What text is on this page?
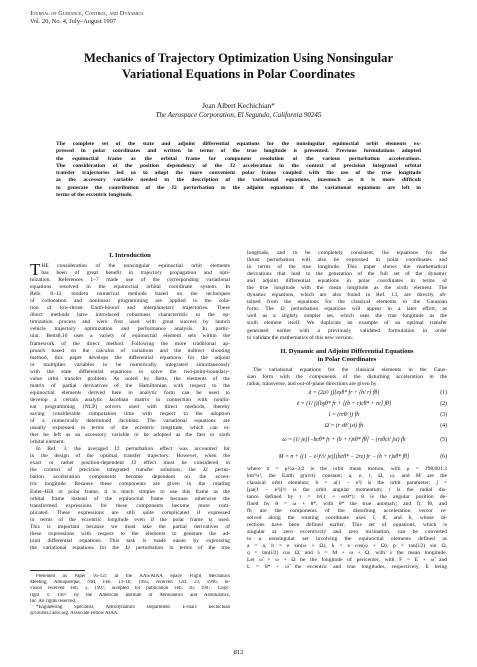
Journal of Guidance, Control, and Dynamics
Vol. 20, No. 4, July–August 1997
Mechanics of Trajectory Optimization Using Nonsingular
Variational Equations in Polar Coordinates
Jean Albert Kechichian*
The Aerospace Corporation, El Segundo, California 90245
The complete set of the state and adjoint differential equations for the nonsingular equinoctial orbit elements ex-
pressed in polar coordinates and written in terms of the true longitude is presented. Previous formulations adopted
the equinoctial frame as the orbital frame for component resolution of the various perturbation accelerations.
The consideration of the position dependency of the J2 acceleration in the context of precision integrated orbital
transfer trajectories led us to adopt the more convenient polar frame coupled with the use of the true longitude
as the accessory variable needed in the description of the variational equations, inasmuch as it is more difficult
to generate the contribution of the J2 perturbation to the adjoint equations if the variational equations are left in
terms of the eccentric longitude.
I. Introduction
T HE consideration of the nonsingular equinoctial orbit elements
has been of great benefit in trajectory propagation and opti-
mization. References 1–7 made use of the corresponding variational
equations resolved in the equinoctial orbital coordinate system. In
Refs. 8–12, modern numerical methods based on the techniques
of collocation and nonlinear programming are applied to the solu-
tion of low-thrust Earth-bound and interplanetary trajectories. These
direct methods have introduced robustness characteristic to the op-
timization process and were first used with great success by launch
vehicle trajectory optimization and performance analysis. In partic-
ular, Betts8,10 uses a variety of equinoctial element sets within the
framework of the direct method. Following the more traditional ap-
proach based on the calculus of variations and the indirect shooting
method, this paper develops the differential equations for the adjoint
or multiplier variables to be numerically integrated simultaneously
with the state differential equations to solve the two-point-boundary-
value orbit transfer problem. As noted by Betts, the elements of the
matrix of partial derivatives of the Hamiltonian with respect to the
equinoctial elements derived here in analytic form can be used to
develop a certain analytic Jacobian matrix in connection with nonlin-
ear programming (NLP) solvers used with direct methods, thereby
saving considerable computation time with respect to the adoption
of a numerically determined Jacobian. The variational equations are
usually expressed in terms of the eccentric longitude, which can ei-
ther be left as an accessory variable or be adopted as the fast or sixth
orbital element.
In Ref. 3, the averaged J2 perturbation effect was accounted for
in the design of the optimal transfer trajectory. However, when the
exact or rather position-dependent J2 effect must be considered in
the context of precision integrated transfer solutions, the J2 pertur-
bation acceleration components become dependent on the eccen-
tric longitude. Because these components are given in the rotating
Euler–Hill or polar frame, it is much simpler to use this frame as the
orbital frame instead of the equinoctial frame because otherwise the
transformed expressions for these components become more com-
plicated. These expressions are still quite complicated if expressed
in terms of the eccentric longitude even if the polar frame is used.
This is important because we must take the partial derivatives of
these expressions with respect to the elements to generate the ad-
joint differential equations. This task is made easier by expressing
the variational equations for the J2 perturbation in terms of the true
longitude, and to be completely consistent, the equations for the
thrust perturbation will also be expressed in polar coordinates and
in terms of the true longitude. This paper shows the mathematical
derivations that lead to the generation of the full set of the dynamic
and adjoint differential equations in polar coordinates in terms of
the true longitude with the mean longitude as the sixth element. The
dynamic equations, which are also found in Ref. 13, are directly ob-
tained from the equations for the classical elements in the Gaussian
form. The J2 perturbation equations will appear in a later effort, as
well as a slightly simpler set, which uses the true longitude as the
sixth element itself. We duplicate an example of an optimal transfer
generated earlier with a previously validated formulation in order
to validate the mathematics of this new version.
II. Dynamic and Adjoint Differential Equations
in Polar Coordinates
The variational equations for the classical elements in the Gaus-
sian form with the components of the disturbing acceleration in the
radial, transverse, and out-of-plane directions are given by
ȧ = (2a²/ j)[eʂθ* fr + (b/ r) fθ]	(1)
ė = (1/ j){bʂθ* fr + [(b + r)cθ* + re] fθ}	(2)
i̇ = (rcθ/ j) fh	(3)
Ω̇ = (r sθ/ jsi) fh	(4)
ω̇ = (1/ je)[−bcθ* fr + (b + r)sθ* fθ] − (rsθci/ jsi) fh	(5)
Ṁ = n + ((1 − e²)½/ je)[(bcθ* − 2re) fr − (b + r)sθ* fθ]	(6)
where n = μ½a−3/2 is the orbit mean motion, with μ = 398,601.3
km³/s², the Earth gravity constant; a, e, i, Ω, ω, and M are the
classical orbit elements; b = a(1 − e²) is the orbit parameter; j =
[μa(1 − e²)]½ is the orbit angular momentum; r is the radial dis-
tance defined by r = b/(1 + ecθ*); θ is the angular position de-
fined by θ = ω + θ*, with θ* the true anomaly; and fr, fθ, and
fh are the components of the disturbing acceleration vector re-
solved along the rotating coordinate axes r̂, θ̂, and ĥ, whose di-
rections have been defined earlier. This set of equations, which is
singular at zero eccentricity and zero inclination, can be converted
to a nonsingular set involving the equinoctial elements defined as
a = a, h = e sin(ω + Ω), k = e cos(ω + Ω), p = tan(i/2) sin Ω,
q = tan(i/2) cos Ω, and λ = M + ω + Ω, with λ the mean longitude.
Let ω̃ = ω + Ω be the longitude of pericenter, with F = E + ω̃ and
L = θ* + ω̃ the eccentric and true longitudes, respectively, E being
Presented as Paper 95-121 at the AAS/AIAA Space Flight Mechanics
Meeting, Albuquerque, NM, Feb. 13–16, 1995; received Oct. 23, 1996; re-
vision received Feb. 5, 1997; accepted for publication Feb. 26, 1997. Copy-
right © 1997 by the American Institute of Aeronautics and Astronautics,
Inc. All rights reserved.
*Engineering Specialist, Astrodynamics Department. E-mail: kechichian
@courier2.aero.org. Associate Fellow AIAA.
812
